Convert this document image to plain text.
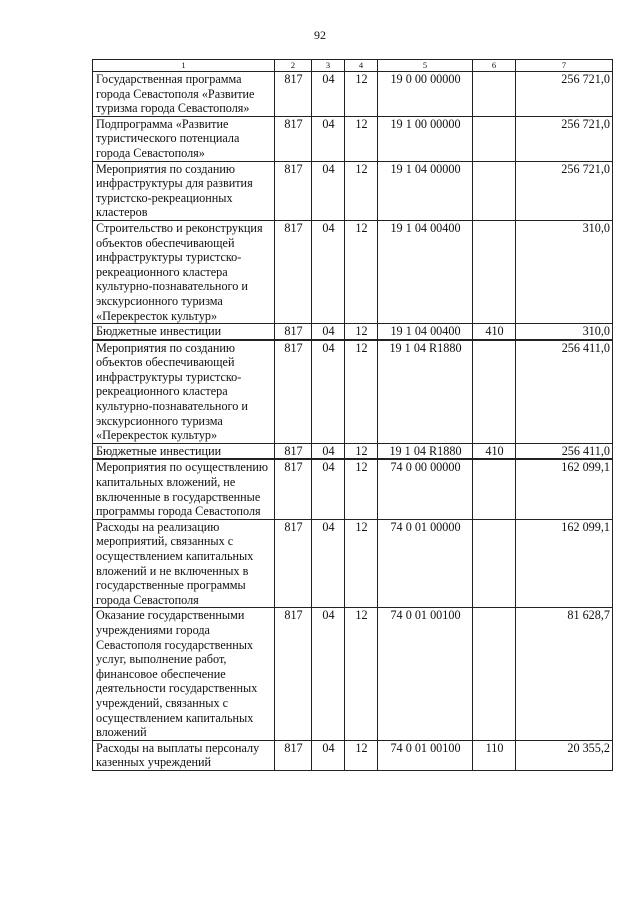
92
1	2	3	4	5	6	7
Государственная программа города Севастополя «Развитие туризма города Севастополя»	817	04	12	19 0 00 00000		256 721,0
Подпрограмма «Развитие туристического потенциала города Севастополя»	817	04	12	19 1 00 00000		256 721,0
Мероприятия по созданию инфраструктуры для развития туристско-рекреационных кластеров	817	04	12	19 1 04 00000		256 721,0
Строительство и реконструкция объектов обеспечивающей инфраструктуры туристско-рекреационного кластера культурно-познавательного и экскурсионного туризма «Перекресток культур»	817	04	12	19 1 04 00400		310,0
Бюджетные инвестиции	817	04	12	19 1 04 00400	410	310,0
Мероприятия по созданию объектов обеспечивающей инфраструктуры туристско-рекреационного кластера культурно-познавательного и экскурсионного туризма «Перекресток культур»	817	04	12	19 1 04 R1880		256 411,0
Бюджетные инвестиции	817	04	12	19 1 04 R1880	410	256 411,0
Мероприятия по осуществлению капитальных вложений, не включенные в государственные программы города Севастополя	817	04	12	74 0 00 00000		162 099,1
Расходы на реализацию мероприятий, связанных с осуществлением капитальных вложений и не включенных в государственные программы города Севастополя	817	04	12	74 0 01 00000		162 099,1
Оказание государственными учреждениями города Севастополя государственных услуг, выполнение работ, финансовое обеспечение деятельности государственных учреждений, связанных с осуществлением капитальных вложений	817	04	12	74 0 01 00100		81 628,7
Расходы на выплаты персоналу казенных учреждений	817	04	12	74 0 01 00100	110	20 355,2
